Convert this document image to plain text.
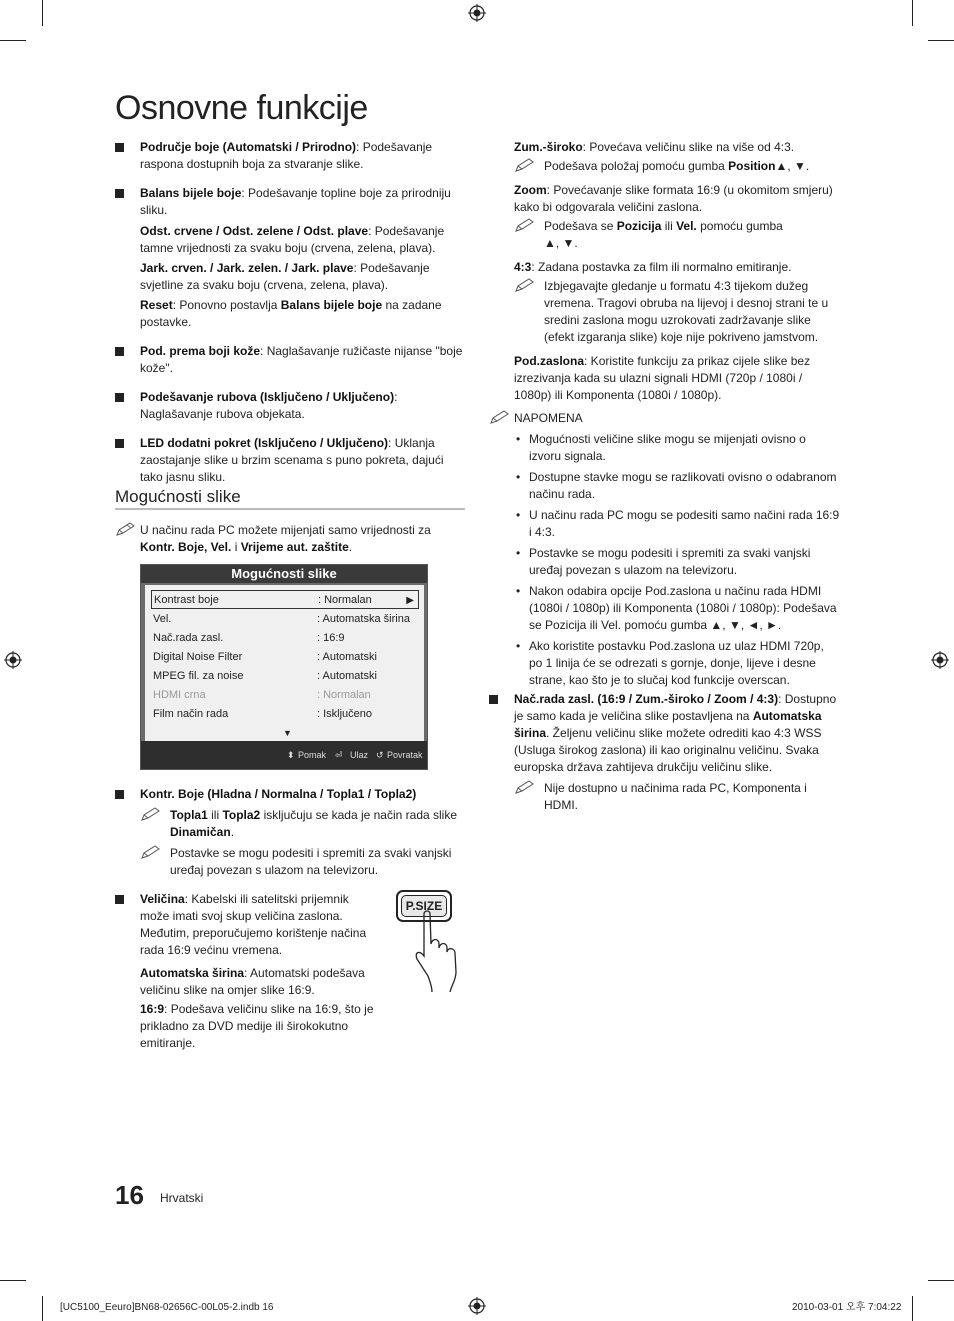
Osnovne funkcije
Područje boje (Automatski / Prirodno): Podešavanje raspona dostupnih boja za stvaranje slike.
Balans bijele boje: Podešavanje topline boje za prirodniju sliku.
Odst. crvene / Odst. zelene / Odst. plave: Podešavanje tamne vrijednosti za svaku boju (crvena, zelena, plava).
Jark. crven. / Jark. zelen. / Jark. plave: Podešavanje svjetline za svaku boju (crvena, zelena, plava).
Reset: Ponovno postavlja Balans bijele boje na zadane postavke.
Pod. prema boji kože: Naglašavanje ružičaste nijanse "boje kože".
Podešavanje rubova (Isključeno / Uključeno): Naglašavanje rubova objekata.
LED dodatni pokret (Isključeno / Uključeno): Uklanja zaostajanje slike u brzim scenama s puno pokreta, dajući tako jasnu sliku.
Mogućnosti slike
U načinu rada PC možete mijenjati samo vrijednosti za Kontr. Boje, Vel. i Vrijeme aut. zaštite.
Mogućnosti slike
Kontrast boje	: Normalan	▶
Vel.	: Automatska širina
Nač.rada zasl.	: 16:9
Digital Noise Filter	: Automatski
MPEG fil. za noise	: Automatski
HDMI crna	: Normalan
Film način rada	: Isključeno
▼
⬍ Pomak ⏎ Ulaz ↺ Povratak
Kontr. Boje (Hladna / Normalna / Topla1 / Topla2)
Topla1 ili Topla2 isključuju se kada je način rada slike Dinamičan.
Postavke se mogu podesiti i spremiti za svaki vanjski uređaj povezan s ulazom na televizoru.
Veličina: Kabelski ili satelitski prijemnik može imati svoj skup veličina zaslona. Međutim, preporučujemo korištenje načina rada 16:9 većinu vremena.
Automatska širina: Automatski podešava veličinu slike na omjer slike 16:9.
16:9: Podešava veličinu slike na 16:9, što je prikladno za DVD medije ili širokokutno emitiranje.
P.SIZE
Zum.-široko: Povećava veličinu slike na više od 4:3.
Podešava položaj pomoću gumba Position▲, ▼.
Zoom: Povećavanje slike formata 16:9 (u okomitom smjeru) kako bi odgovarala veličini zaslona.
Podešava se Pozicija ili Vel. pomoću gumba ▲, ▼.
4:3: Zadana postavka za film ili normalno emitiranje.
Izbjegavajte gledanje u formatu 4:3 tijekom dužeg vremena. Tragovi obruba na lijevoj i desnoj strani te u sredini zaslona mogu uzrokovati zadržavanje slike (efekt izgaranja slike) koje nije pokriveno jamstvom.
Pod.zaslona: Koristite funkciju za prikaz cijele slike bez izrezivanja kada su ulazni signali HDMI (720p / 1080i / 1080p) ili Komponenta (1080i / 1080p).
NAPOMENA
• Mogućnosti veličine slike mogu se mijenjati ovisno o izvoru signala.
• Dostupne stavke mogu se razlikovati ovisno o odabranom načinu rada.
• U načinu rada PC mogu se podesiti samo načini rada 16:9 i 4:3.
• Postavke se mogu podesiti i spremiti za svaki vanjski uređaj povezan s ulazom na televizoru.
• Nakon odabira opcije Pod.zaslona u načinu rada HDMI (1080i / 1080p) ili Komponenta (1080i / 1080p): Podešava se Pozicija ili Vel. pomoću gumba ▲, ▼, ◄, ►.
• Ako koristite postavku Pod.zaslona uz ulaz HDMI 720p, po 1 linija će se odrezati s gornje, donje, lijeve i desne strane, kao što je to slučaj kod funkcije overscan.
Nač.rada zasl. (16:9 / Zum.-široko / Zoom / 4:3): Dostupno je samo kada je veličina slike postavljena na Automatska širina. Željenu veličinu slike možete odrediti kao 4:3 WSS (Usluga širokog zaslona) ili kao originalnu veličinu. Svaka europska država zahtijeva drukčiju veličinu slike.
Nije dostupno u načinima rada PC, Komponenta i HDMI.
16 Hrvatski
[UC5100_Eeuro]BN68-02656C-00L05-2.indb 16	2010-03-01 오후 7:04:22
